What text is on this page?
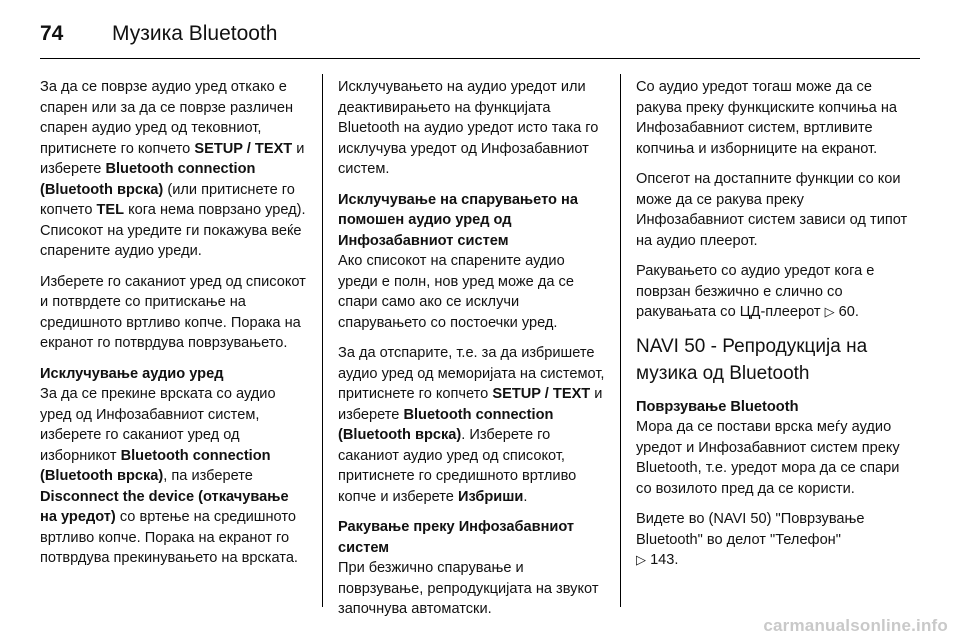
74	Музика Bluetooth

За да се поврзе аудио уред откако е спарен или за да се поврзе различен спарен аудио уред од тековниот, притиснете го копчето SETUP / TEXT и изберете Bluetooth connection (Bluetooth врска) (или притиснете го копчето TEL кога нема поврзано уред). Списокот на уредите ги покажува веќе спарените аудио уреди.

Изберете го саканиот уред од списокот и потврдете со притискање на средишното вртливо копче. Порака на екранот го потврдува поврзувањето.

Исклучување аудио уред

За да се прекине врската со аудио уред од Инфозабавниот систем, изберете го саканиот уред од изборникот Bluetooth connection (Bluetooth врска), па изберете Disconnect the device (откачување на уредот) со вртење на средишното вртливо копче. Порака на екранот го потврдува прекинувањето на врската.

Исклучувањето на аудио уредот или деактивирањето на функцијата Bluetooth на аудио уредот исто така го исклучува уредот од Инфозабавниот систем.

Исклучување на спарувањето на помошен аудио уред од Инфозабавниот систем

Ако списокот на спарените аудио уреди е полн, нов уред може да се спари само ако се исклучи спарувањето со постоечки уред.

За да отспарите, т.е. за да избришете аудио уред од меморијата на системот, притиснете го копчето SETUP / TEXT и изберете Bluetooth connection (Bluetooth врска). Изберете го саканиот аудио уред од списокот, притиснете го средишното вртливо копче и изберете Избриши.

Ракување преку Инфозабавниот систем

При безжично спарување и поврзување, репродукцијата на звукот започнува автоматски.

Со аудио уредот тогаш може да се ракува преку функциските копчиња на Инфозабавниот систем, вртливите копчиња и изборниците на екранот.

Опсегот на достапните функции со кои може да се ракува преку Инфозабавниот систем зависи од типот на аудио плеерот.

Ракувањето со аудио уредот кога е поврзан безжично е слично со ракувањата со ЦД-плеерот ▷ 60.

NAVI 50 - Репродукција на музика од Bluetooth
Поврзување Bluetooth

Мора да се постави врска меѓу аудио уредот и Инфозабавниот систем преку Bluetooth, т.е. уредот мора да се спари со возилото пред да се користи.

Видете во (NAVI 50) "Поврзување Bluetooth" во делот "Телефон"
▷ 143.

carmanualsonline.info
